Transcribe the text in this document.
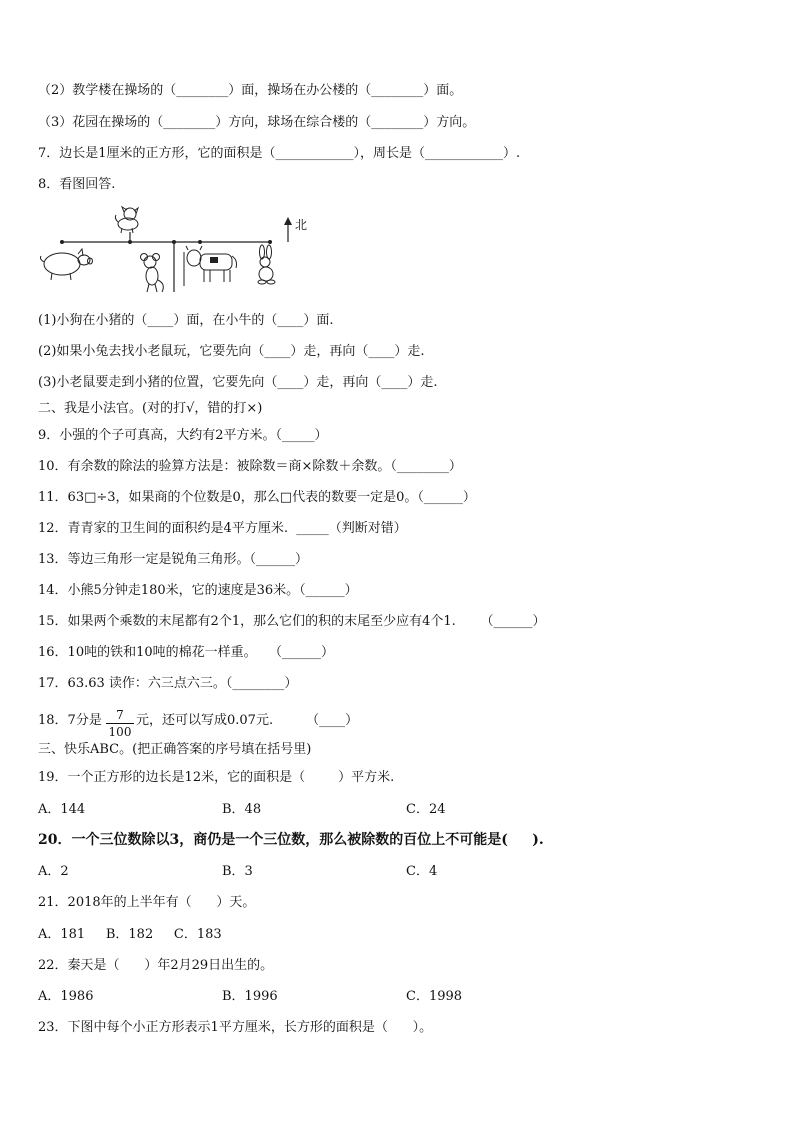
（2）教学楼在操场的（________）面，操场在办公楼的（________）面。
（3）花园在操场的（________）方向，球场在综合楼的（________）方向。
7．边长是1厘米的正方形，它的面积是（____________），周长是（____________）.
8．看图回答.
北
(1)小狗在小猪的（____）面，在小牛的（____）面.
(2)如果小兔去找小老鼠玩，它要先向（____）走，再向（____）走.
(3)小老鼠要走到小猪的位置，它要先向（____）走，再向（____）走.
二、我是小法官。(对的打√，错的打×)
9．小强的个子可真高，大约有2平方米。（_____）
10．有余数的除法的验算方法是：被除数＝商×除数＋余数。（________）
11．63□÷3，如果商的个位数是0，那么□代表的数要一定是0。（______）
12．青青家的卫生间的面积约是4平方厘米.  _____（判断对错）
13．等边三角形一定是锐角三角形。（______）
14．小熊5分钟走180米，它的速度是36米。（______）
15．如果两个乘数的末尾都有2个1，那么它们的积的末尾至少应有4个1.      （______）
16．10吨的铁和10吨的棉花一样重。   （______）
17．63.63 读作：六三点六三。（________）
18．7分是	7
100
元，还可以写成0.07元.        （____）
三、快乐ABC。(把正确答案的序号填在括号里)
19．一个正方形的边长是12米，它的面积是（        ）平方米.
A．144	B．48	C．24
20．一个三位数除以3，商仍是一个三位数，那么被除数的百位上不可能是(     ).
A．2	B．3	C．4
21．2018年的上半年有（      ）天。
A．181     B．182     C．183
22．秦天是（      ）年2月29日出生的。
A．1986	B．1996	C．1998
23．下图中每个小正方形表示1平方厘米，长方形的面积是（      ）。
